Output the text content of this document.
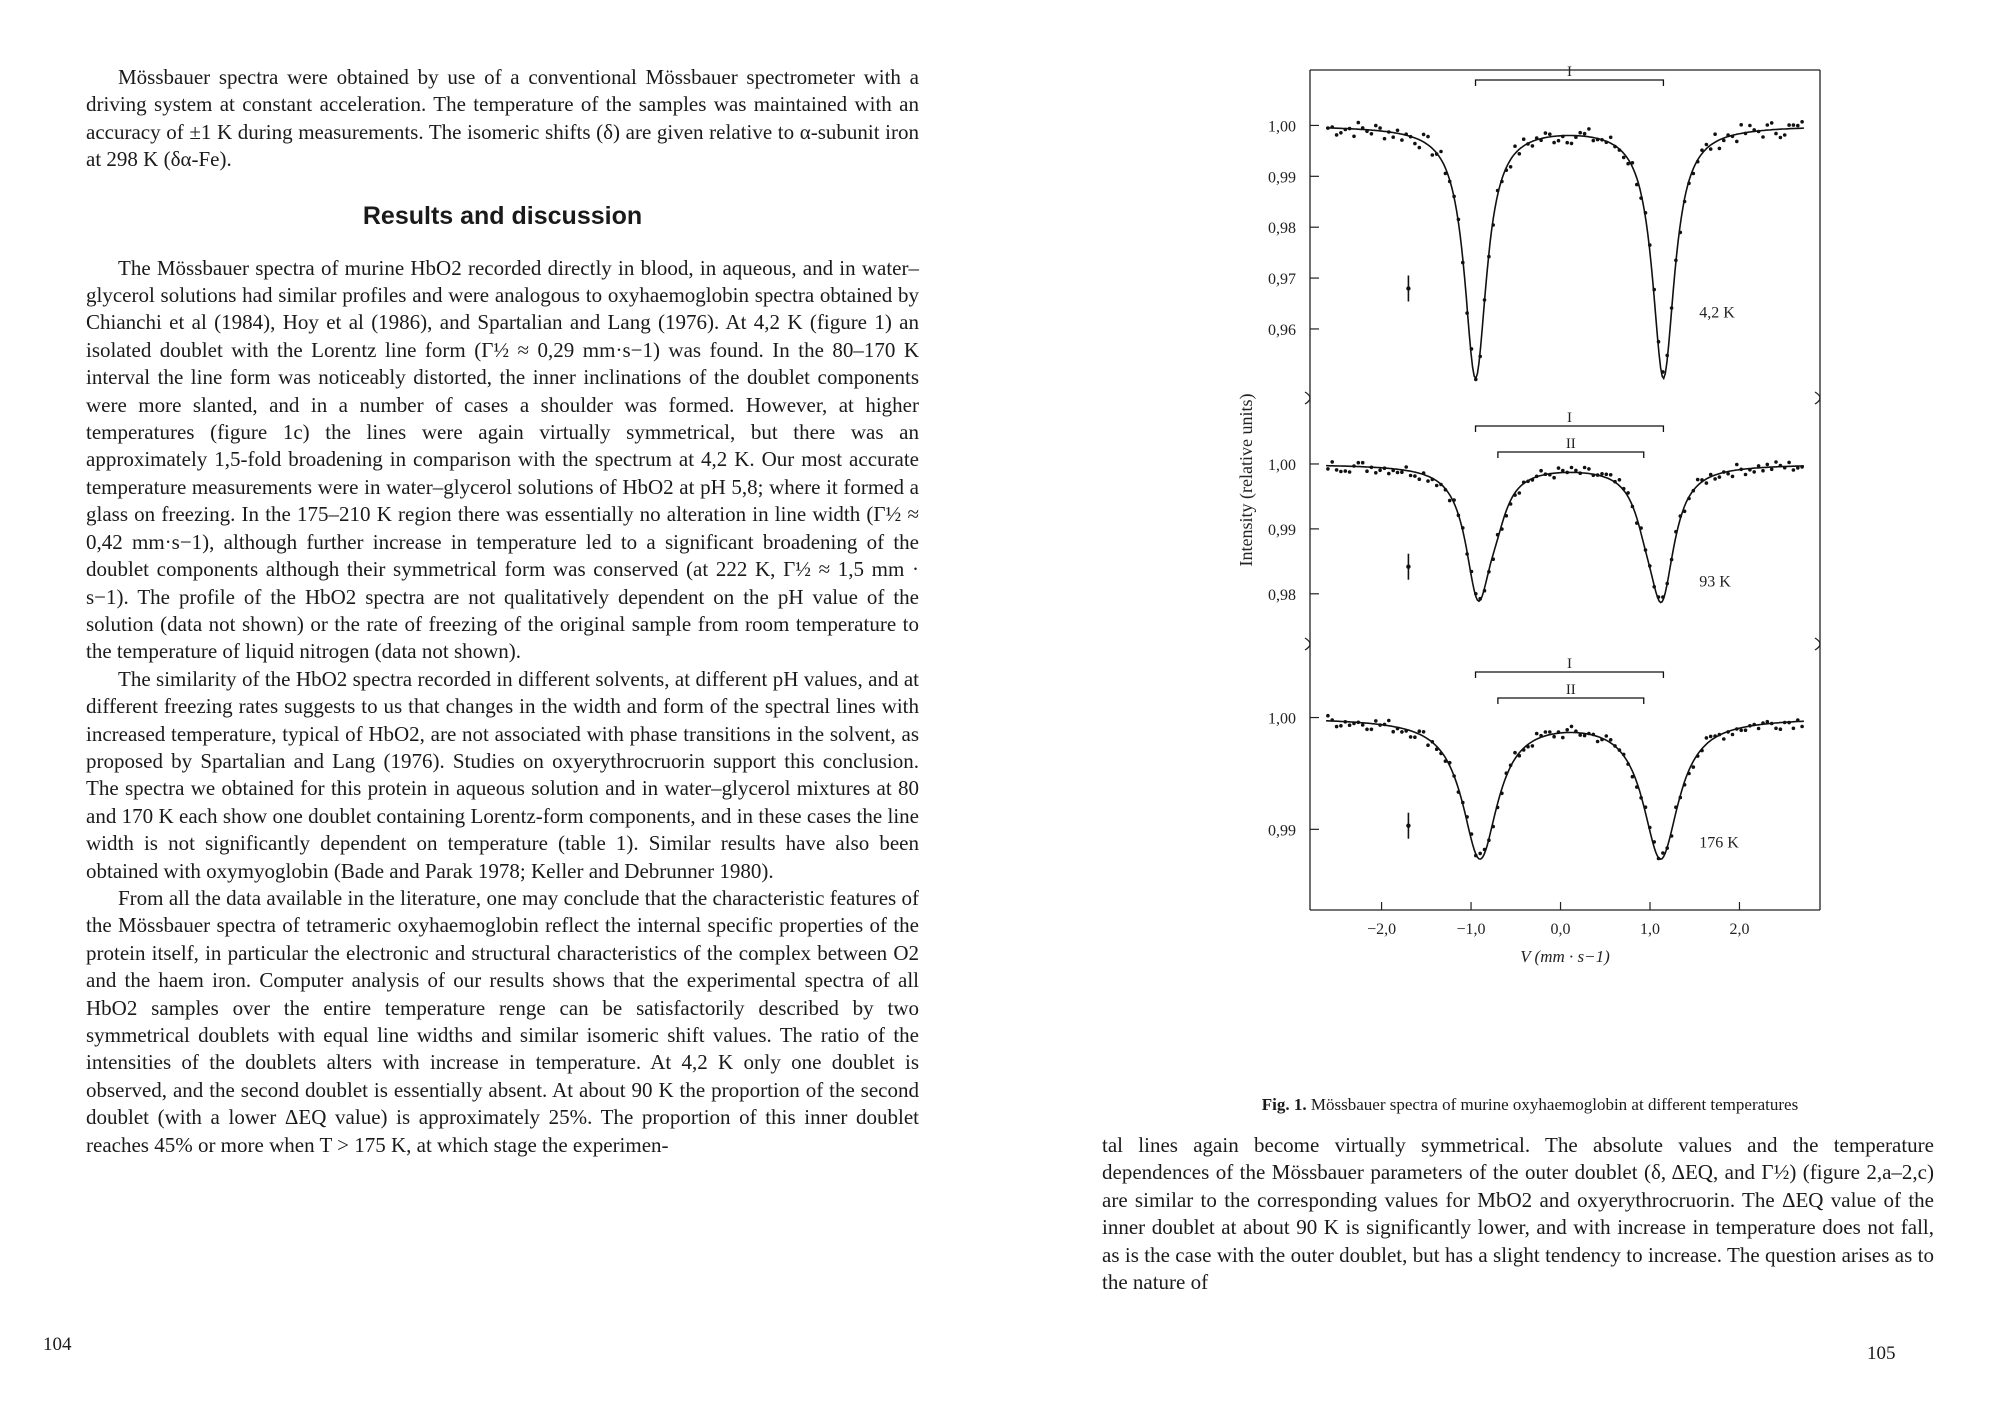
Mössbauer spectra were obtained by use of a conventional Mössbauer spectrometer with a driving system at constant acceleration. The temperature of the samples was maintained with an accuracy of ±1 K during measurements. The isomeric shifts (δ) are given relative to α-subunit iron at 298 K (δα-Fe).

Results and discussion

The Mössbauer spectra of murine HbO2 recorded directly in blood, in aqueous, and in water–glycerol solutions had similar profiles and were analogous to oxyhaemoglobin spectra obtained by Chianchi et al (1984), Hoy et al (1986), and Spartalian and Lang (1976). At 4,2 K (figure 1) an isolated doublet with the Lorentz line form (Γ½ ≈ 0,29 mm·s−1) was found. In the 80–170 K interval the line form was noticeably distorted, the inner inclinations of the doublet components were more slanted, and in a number of cases a shoulder was formed. However, at higher temperatures (figure 1c) the lines were again virtually symmetrical, but there was an approximately 1,5-fold broadening in comparison with the spectrum at 4,2 K. Our most accurate temperature measurements were in water–glycerol solutions of HbO2 at pH 5,8; where it formed a glass on freezing. In the 175–210 K region there was essentially no alteration in line width (Γ½ ≈ 0,42 mm·s−1), although further increase in temperature led to a significant broadening of the doublet components although their symmetrical form was conserved (at 222 K, Γ½ ≈ 1,5 mm · s−1). The profile of the HbO2 spectra are not qualitatively dependent on the pH value of the solution (data not shown) or the rate of freezing of the original sample from room temperature to the temperature of liquid nitrogen (data not shown).

The similarity of the HbO2 spectra recorded in different solvents, at different pH values, and at different freezing rates suggests to us that changes in the width and form of the spectral lines with increased temperature, typical of HbO2, are not associated with phase transitions in the solvent, as proposed by Spartalian and Lang (1976). Studies on oxyerythrocruorin support this conclusion. The spectra we obtained for this protein in aqueous solution and in water–glycerol mixtures at 80 and 170 K each show one doublet containing Lorentz-form components, and in these cases the line width is not significantly dependent on temperature (table 1). Similar results have also been obtained with oxymyoglobin (Bade and Parak 1978; Keller and Debrunner 1980).

From all the data available in the literature, one may conclude that the characteristic features of the Mössbauer spectra of tetrameric oxyhaemoglobin reflect the internal specific properties of the protein itself, in particular the electronic and structural characteristics of the complex between O2 and the haem iron. Computer analysis of our results shows that the experimental spectra of all HbO2 samples over the entire temperature renge can be satisfactorily described by two symmetrical doublets with equal line widths and similar isomeric shift values. The ratio of the intensities of the doublets alters with increase in temperature. At 4,2 K only one doublet is observed, and the second doublet is essentially absent. At about 90 K the proportion of the second doublet (with a lower ΔEQ value) is approximately 25%. The proportion of this inner doublet reaches 45% or more when T > 175 K, at which stage the experimen-

104
−2,0	−1,0	0,0	1,0	2,0
V (mm · s−1)
Intensity (relative units)
1,00
0,99
0,98
0,97
0,96
4,2 K
I
1,00
0,99
0,98
93 K
I
II
1,00
0,99
176 K
I
II
Fig. 1. Mössbauer spectra of murine oxyhaemoglobin at different temperatures

tal lines again become virtually symmetrical. The absolute values and the temperature dependences of the Mössbauer parameters of the outer doublet (δ, ΔEQ, and Γ½) (figure 2,a–2,c) are similar to the corresponding values for MbO2 and oxyerythrocruorin. The ΔEQ value of the inner doublet at about 90 K is significantly lower, and with increase in temperature does not fall, as is the case with the outer doublet, but has a slight tendency to increase. The question arises as to the nature of

105
